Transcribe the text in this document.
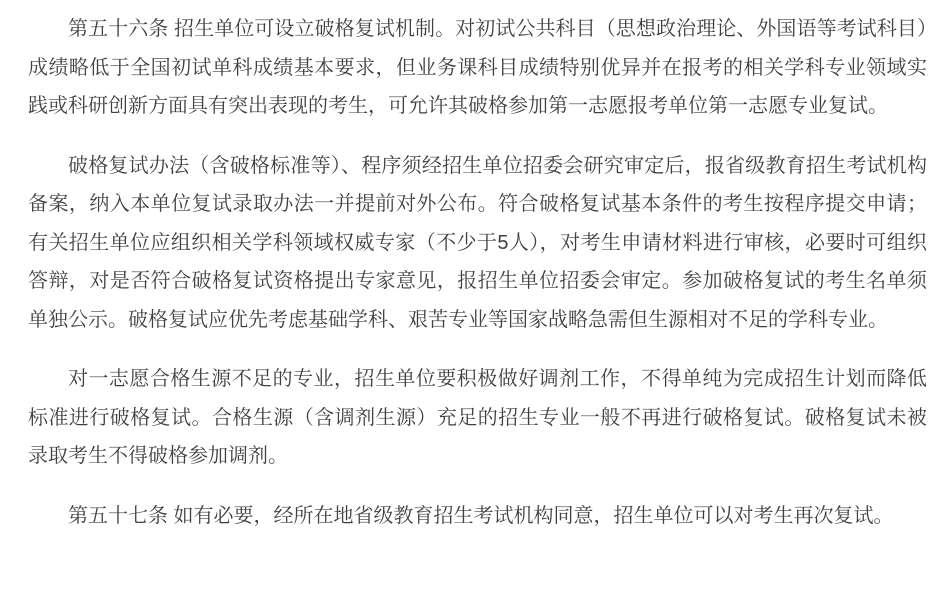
第五十六条 招生单位可设立破格复试机制。对初试公共科目（思想政治理论、外国语等考试科目）成绩略低于全国初试单科成绩基本要求，但业务课科目成绩特别优异并在报考的相关学科专业领域实践或科研创新方面具有突出表现的考生，可允许其破格参加第一志愿报考单位第一志愿专业复试。

破格复试办法（含破格标准等）、程序须经招生单位招委会研究审定后，报省级教育招生考试机构备案，纳入本单位复试录取办法一并提前对外公布。符合破格复试基本条件的考生按程序提交申请；有关招生单位应组织相关学科领域权威专家（不少于5人），对考生申请材料进行审核，必要时可组织答辩，对是否符合破格复试资格提出专家意见，报招生单位招委会审定。参加破格复试的考生名单须单独公示。破格复试应优先考虑基础学科、艰苦专业等国家战略急需但生源相对不足的学科专业。

对一志愿合格生源不足的专业，招生单位要积极做好调剂工作，不得单纯为完成招生计划而降低标准进行破格复试。合格生源（含调剂生源）充足的招生专业一般不再进行破格复试。破格复试未被录取考生不得破格参加调剂。

第五十七条 如有必要，经所在地省级教育招生考试机构同意，招生单位可以对考生再次复试。
